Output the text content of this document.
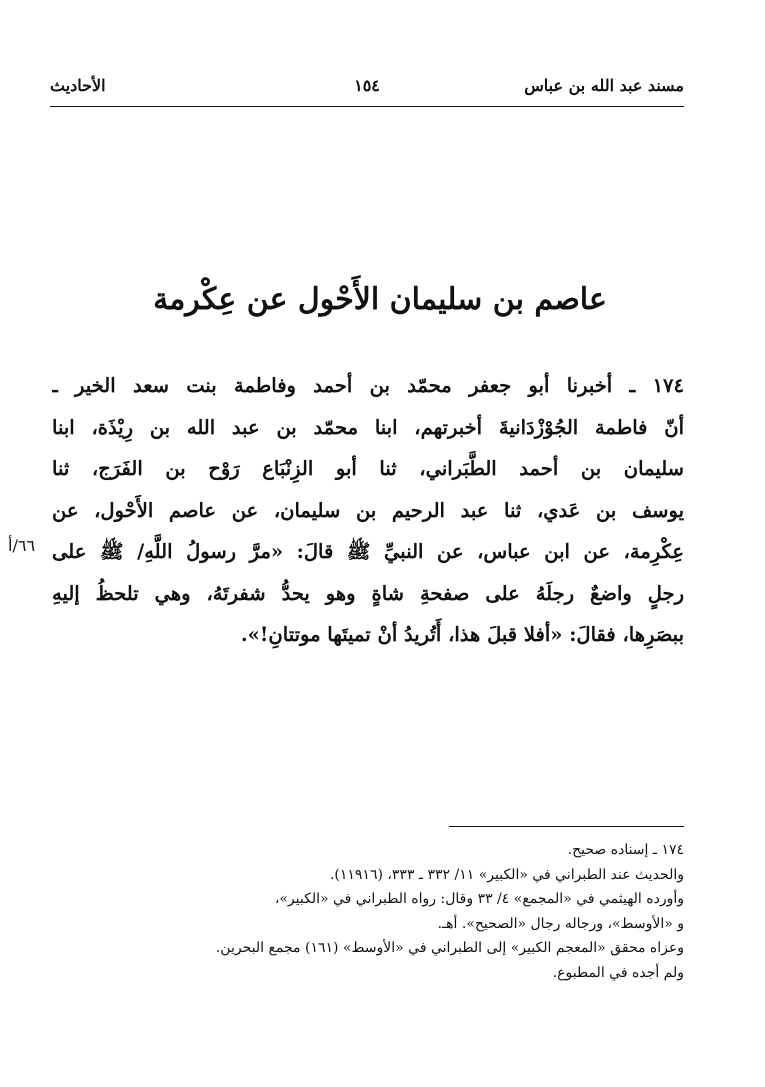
مسند عبد الله بن عباس
١٥٤
الأحاديث
عاصم بن سليمان الأَحْول عن عِكْرمة
١٧٤ ـ أخبرنا أبو جعفر محمّد بن أحمد وفاطمة بنت سعد الخير ـ
أنّ فاطمة الجُوْزْدَانيةَ أخبرتهم، ابنا محمّد بن عبد الله بن رِيْذَة، ابنا
سليمان بن أحمد الطَّبَراني، ثنا أبو الزِنْبَاع رَوْح بن الفَرَج، ثنا
يوسف بن عَدي، ثنا عبد الرحيم بن سليمان، عن عاصم الأَحْول، عن
عِكْرِمة، عن ابن عباس، عن النبيِّ ﷺ قالَ: «مرَّ رسولُ اللَّهِ/ ﷺ على
رجلٍ واضعٌ رجلَهُ على صفحةِ شاةٍ وهو يحدُّ شفرتَهُ، وهي تلحظُ إليهِ
ببصَرِها، فقالَ: «أفلا قبلَ هذا، أَتُريدُ أنْ تميتَها موتتانِ!».
٦٦/أ
١٧٤ ـ إسناده صحيح.
والحديث عند الطبراني في «الكبير» ١١/ ٣٣٢ ـ ٣٣٣، (١١٩١٦).
وأورده الهيثمي في «المجمع» ٤/ ٣٣ وقال: رواه الطبراني في «الكبير»،
و «الأوسط»، ورجاله رجال «الصحيح». أهـ.
وعزاه محقق «المعجم الكبير» إلى الطبراني في «الأوسط» (١٦١) مجمع البحرين.
ولم أجده في المطبوع.
